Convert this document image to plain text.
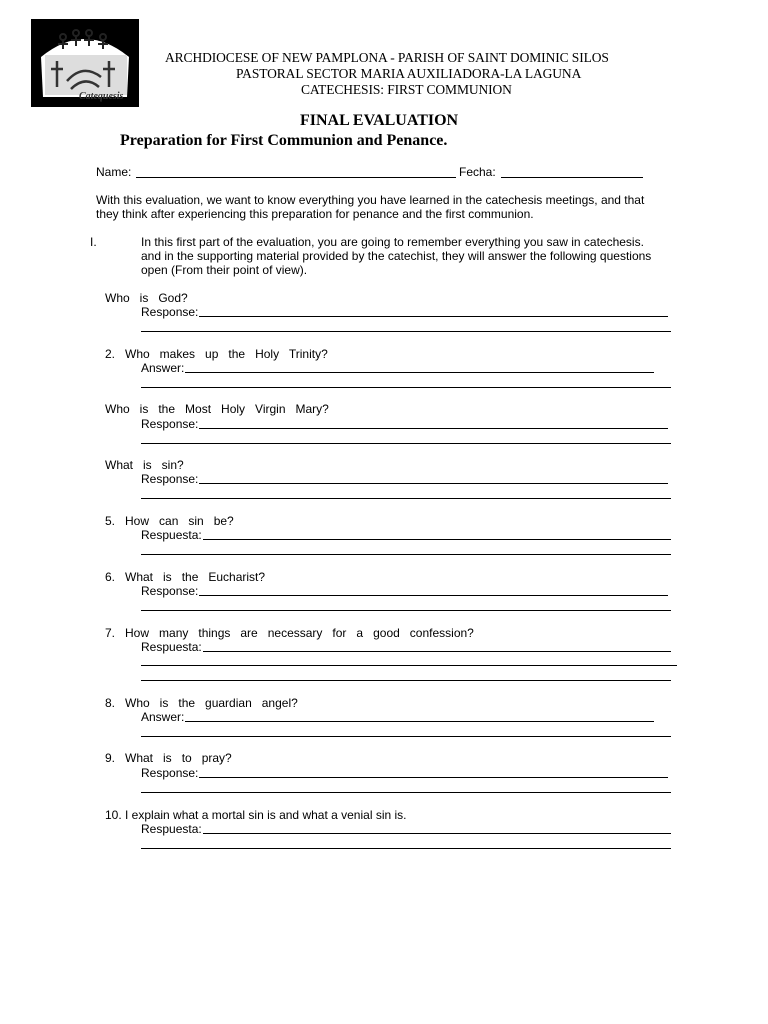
Catequesis
ARCHDIOCESE OF NEW PAMPLONA - PARISH OF SAINT DOMINIC SILOS
PASTORAL SECTOR MARIA AUXILIADORA-LA LAGUNA
CATECHESIS: FIRST COMMUNION
FINAL EVALUATION
Preparation for First Communion and Penance.
Name:	Fecha:
With this evaluation, we want to know everything you have learned in the catechesis meetings, and that
they think after experiencing this preparation for penance and the first communion.
I.	In this first part of the evaluation, you are going to remember everything you saw in catechesis.
and in the supporting material provided by the catechist, they will answer the following questions
open (From their point of view).
Who   is   God?
Response:
2.   Who   makes   up   the   Holy   Trinity?
Answer:
Who   is   the   Most   Holy   Virgin   Mary?
Response:
What   is   sin?
Response:
5.   How   can   sin   be?
Respuesta:
6.   What   is   the   Eucharist?
Response:
7.   How   many   things   are   necessary   for   a   good   confession?
Respuesta:
8.   Who   is   the   guardian   angel?
Answer:
9.   What   is   to   pray?
Response:
10. I explain what a mortal sin is and what a venial sin is.
Respuesta:
